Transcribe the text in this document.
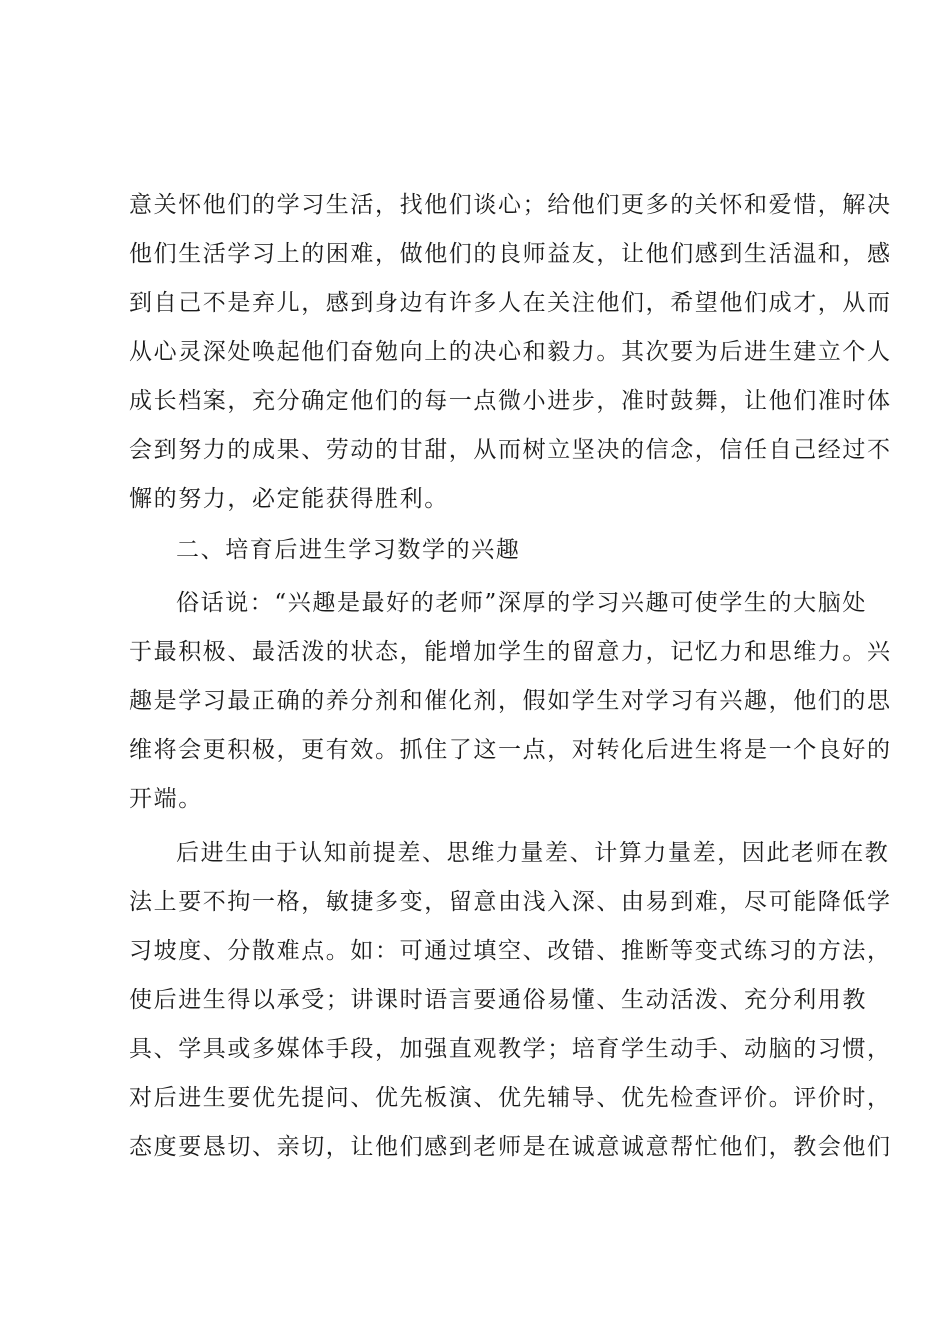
意关怀他们的学习生活，找他们谈心；给他们更多的关怀和爱惜，解决
他们生活学习上的困难，做他们的良师益友，让他们感到生活温和，感
到自己不是弃儿，感到身边有许多人在关注他们，希望他们成才，从而
从心灵深处唤起他们奋勉向上的决心和毅力。其次要为后进生建立个人
成长档案，充分确定他们的每一点微小进步，准时鼓舞，让他们准时体
会到努力的成果、劳动的甘甜，从而树立坚决的信念，信任自己经过不
懈的努力，必定能获得胜利。
二、培育后进生学习数学的兴趣
俗话说：“兴趣是最好的老师”深厚的学习兴趣可使学生的大脑处
于最积极、最活泼的状态，能增加学生的留意力，记忆力和思维力。兴
趣是学习最正确的养分剂和催化剂，假如学生对学习有兴趣，他们的思
维将会更积极，更有效。抓住了这一点，对转化后进生将是一个良好的
开端。
后进生由于认知前提差、思维力量差、计算力量差，因此老师在教
法上要不拘一格，敏捷多变，留意由浅入深、由易到难，尽可能降低学
习坡度、分散难点。如：可通过填空、改错、推断等变式练习的方法，
使后进生得以承受；讲课时语言要通俗易懂、生动活泼、充分利用教
具、学具或多媒体手段，加强直观教学；培育学生动手、动脑的习惯，
对后进生要优先提问、优先板演、优先辅导、优先检查评价。评价时，
态度要恳切、亲切，让他们感到老师是在诚意诚意帮忙他们，教会他们
